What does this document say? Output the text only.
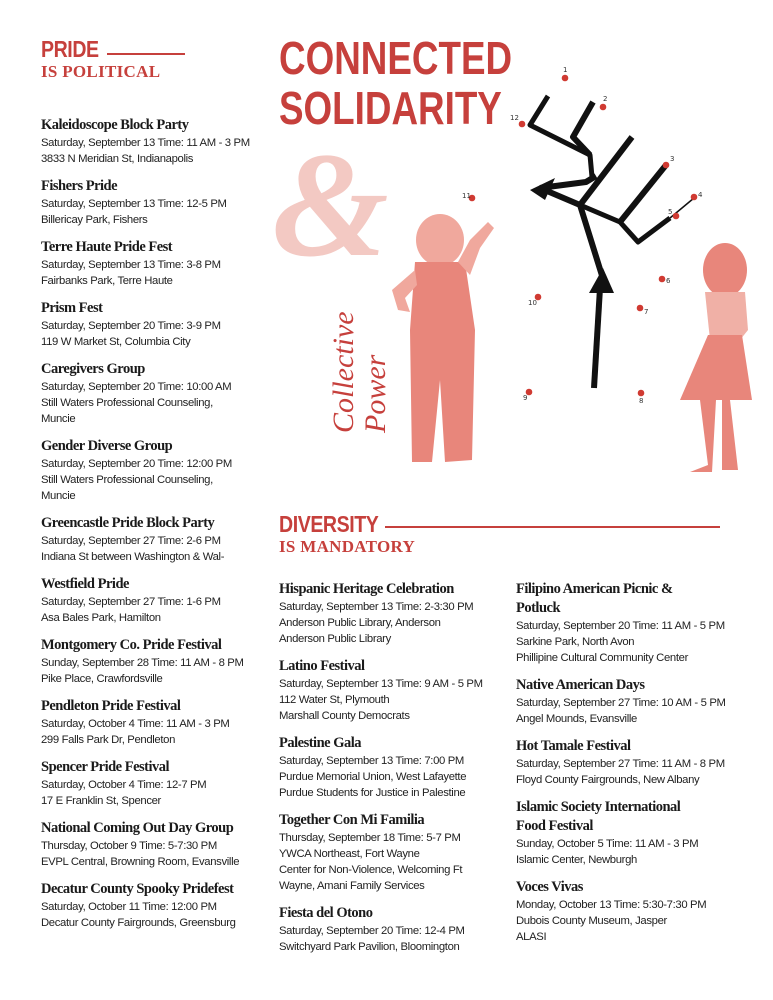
PRIDE
IS POLITICAL
Kaleidoscope Block Party
Saturday, September 13 Time: 11 AM - 3 PM
3833 N Meridian St, Indianapolis
Fishers Pride
Saturday, September 13 Time: 12-5 PM
Billericay Park, Fishers
Terre Haute Pride Fest
Saturday, September 13 Time: 3-8 PM
Fairbanks Park, Terre Haute
Prism Fest
Saturday, September 20 Time: 3-9 PM
119 W Market St, Columbia City
Caregivers Group
Saturday, September 20 Time: 10:00 AM
Still Waters Professional Counseling,
Muncie
Gender Diverse Group
Saturday, September 20 Time: 12:00 PM
Still Waters Professional Counseling,
Muncie
Greencastle Pride Block Party
Saturday, September 27 Time: 2-6 PM
Indiana St between Washington & Wal-
Westfield Pride
Saturday, September 27 Time: 1-6 PM
Asa Bales Park, Hamilton
Montgomery Co. Pride Festival
Sunday, September 28 Time: 11 AM - 8 PM
Pike Place, Crawfordsville
Pendleton Pride Festival
Saturday, October 4 Time: 11 AM - 3 PM
299 Falls Park Dr, Pendleton
Spencer Pride Festival
Saturday, October 4 Time: 12-7 PM
17 E Franklin St, Spencer
National Coming Out Day Group
Thursday, October 9 Time: 5-7:30 PM
EVPL Central, Browning Room, Evansville
Decatur County Spooky Pridefest
Saturday, October 11 Time: 12:00 PM
Decatur County Fairgrounds, Greensburg
&
CONNECTED
SOLIDARITY
Collective Power
1
2
3
4
5
6
7
8
9
10
11
12
DIVERSITY
IS MANDATORY
Hispanic Heritage Celebration
Saturday, September 13 Time: 2-3:30 PM
Anderson Public Library, Anderson
Anderson Public Library
Latino Festival
Saturday, September 13 Time: 9 AM - 5 PM
112 Water St, Plymouth
Marshall County Democrats
Palestine Gala
Saturday, September 13 Time: 7:00 PM
Purdue Memorial Union, West Lafayette
Purdue Students for Justice in Palestine
Together Con Mi Familia
Thursday, September 18 Time: 5-7 PM
YWCA Northeast, Fort Wayne
Center for Non-Violence, Welcoming Ft
Wayne, Amani Family Services
Fiesta del Otono
Saturday, September 20 Time: 12-4 PM
Switchyard Park Pavilion, Bloomington
Filipino American Picnic & Potluck
Saturday, September 20 Time: 11 AM - 5 PM
Sarkine Park, North Avon
Phillipine Cultural Community Center
Native American Days
Saturday, September 27 Time: 10 AM - 5 PM
Angel Mounds, Evansville
Hot Tamale Festival
Saturday, September 27 Time: 11 AM - 8 PM
Floyd County Fairgrounds, New Albany
Islamic Society International Food Festival
Sunday, October 5 Time: 11 AM - 3 PM
Islamic Center, Newburgh
Voces Vivas
Monday, October 13 Time: 5:30-7:30 PM
Dubois County Museum, Jasper
ALASI
